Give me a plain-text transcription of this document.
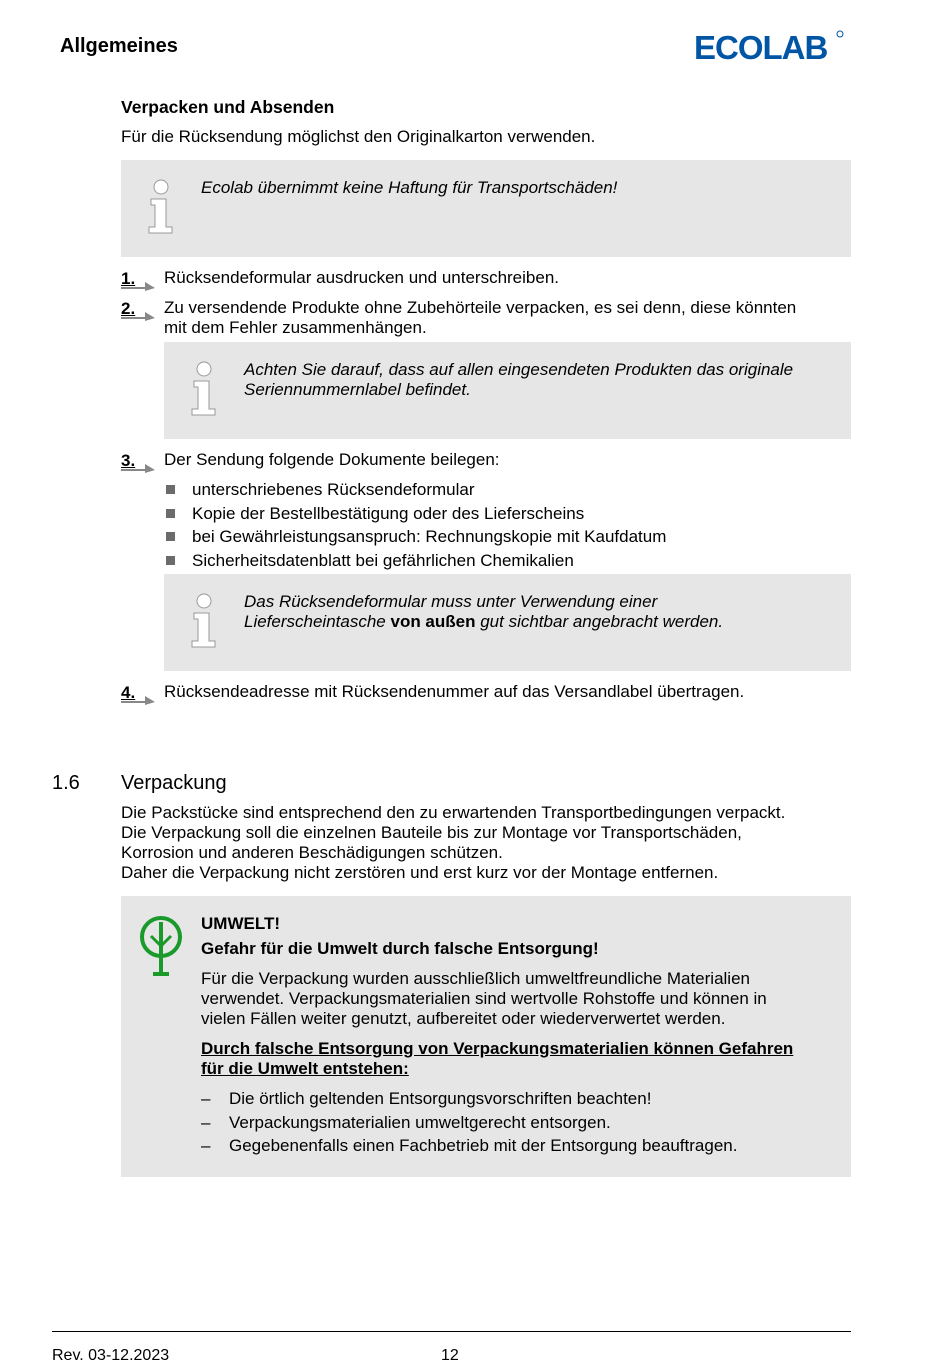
Allgemeines	ECOLAB
Verpacken und Absenden
Für die Rücksendung möglichst den Originalkarton verwenden.
Ecolab übernimmt keine Haftung für Transportschäden!
1. Rücksendeformular ausdrucken und unterschreiben.
2. Zu versendende Produkte ohne Zubehörteile verpacken, es sei denn, diese könnten
mit dem Fehler zusammenhängen.
Achten Sie darauf, dass auf allen eingesendeten Produkten das originale
Seriennummernlabel befindet.
3. Der Sendung folgende Dokumente beilegen:
unterschriebenes Rücksendeformular
Kopie der Bestellbestätigung oder des Lieferscheins
bei Gewährleistungsanspruch: Rechnungskopie mit Kaufdatum
Sicherheitsdatenblatt bei gefährlichen Chemikalien
Das Rücksendeformular muss unter Verwendung einer
Lieferscheintasche von außen gut sichtbar angebracht werden.
4. Rücksendeadresse mit Rücksendenummer auf das Versandlabel übertragen.
1.6 Verpackung
Die Packstücke sind entsprechend den zu erwartenden Transportbedingungen verpackt.
Die Verpackung soll die einzelnen Bauteile bis zur Montage vor Transportschäden,
Korrosion und anderen Beschädigungen schützen.
Daher die Verpackung nicht zerstören und erst kurz vor der Montage entfernen.
UMWELT!
Gefahr für die Umwelt durch falsche Entsorgung!
Für die Verpackung wurden ausschließlich umweltfreundliche Materialien
verwendet. Verpackungsmaterialien sind wertvolle Rohstoffe und können in
vielen Fällen weiter genutzt, aufbereitet oder wiederverwertet werden.
Durch falsche Entsorgung von Verpackungsmaterialien können Gefahren
für die Umwelt entstehen:
– Die örtlich geltenden Entsorgungsvorschriften beachten!
– Verpackungsmaterialien umweltgerecht entsorgen.
– Gegebenenfalls einen Fachbetrieb mit der Entsorgung beauftragen.
Rev. 03-12.2023	12
